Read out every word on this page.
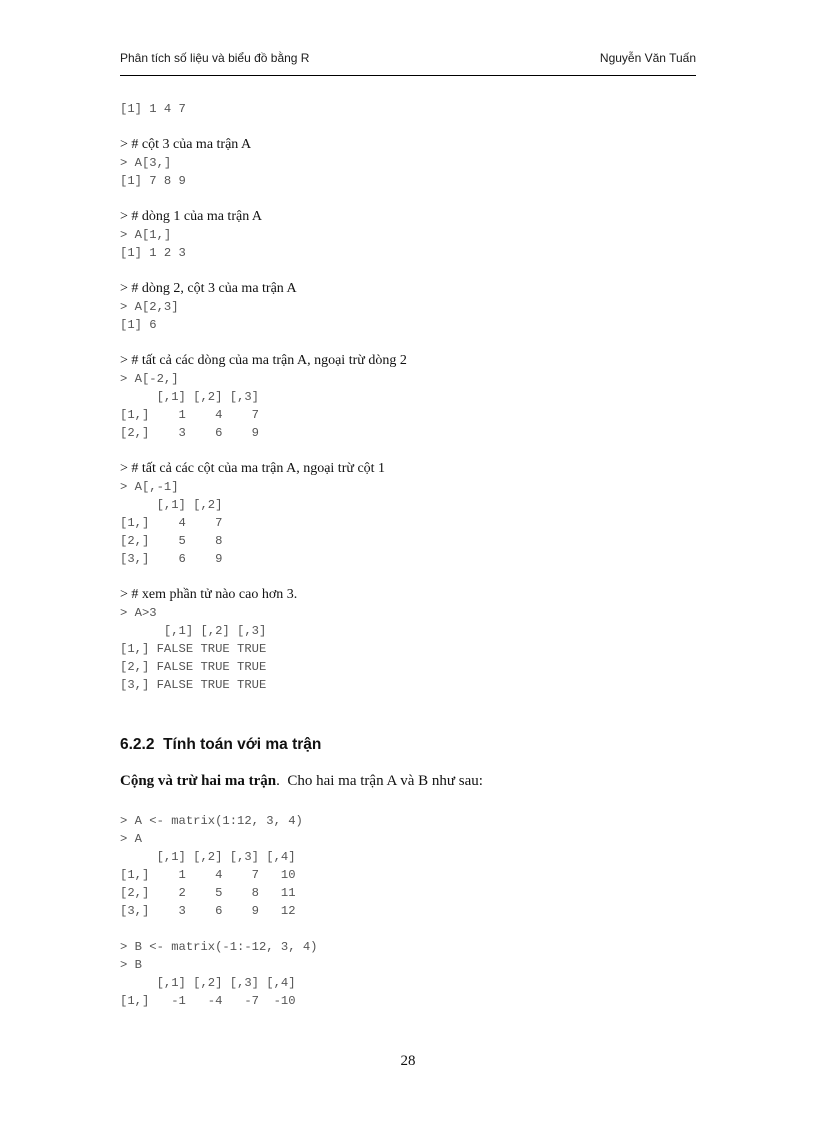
Phân tích số liệu và biểu đồ bằng R	Nguyễn Văn Tuấn
[1] 1 4 7
> # cột 3 của ma trận A
> A[3,]
[1] 7 8 9
> # dòng 1 của ma trận A
> A[1,]
[1] 1 2 3
> # dòng 2, cột 3 của ma trận A
> A[2,3]
[1] 6
> # tất cả các dòng của ma trận A, ngoại trừ dòng 2
> A[-2,]
[,1] [,2] [,3]
[1,]    1    4    7
[2,]    3    6    9
> # tất cả các cột của ma trận A, ngoại trừ cột 1
> A[,-1]
[,1] [,2]
[1,]    4    7
[2,]    5    8
[3,]    6    9
> # xem phần tử nào cao hơn 3.
> A>3
[,1] [,2] [,3]
[1,] FALSE TRUE TRUE
[2,] FALSE TRUE TRUE
[3,] FALSE TRUE TRUE
6.2.2  Tính toán với ma trận
Cộng và trừ hai ma trận.  Cho hai ma trận A và B như sau:
> A <- matrix(1:12, 3, 4)
> A
[,1] [,2] [,3] [,4]
[1,]    1    4    7   10
[2,]    2    5    8   11
[3,]    3    6    9   12
> B <- matrix(-1:-12, 3, 4)
> B
[,1] [,2] [,3] [,4]
[1,]   -1   -4   -7  -10
28
